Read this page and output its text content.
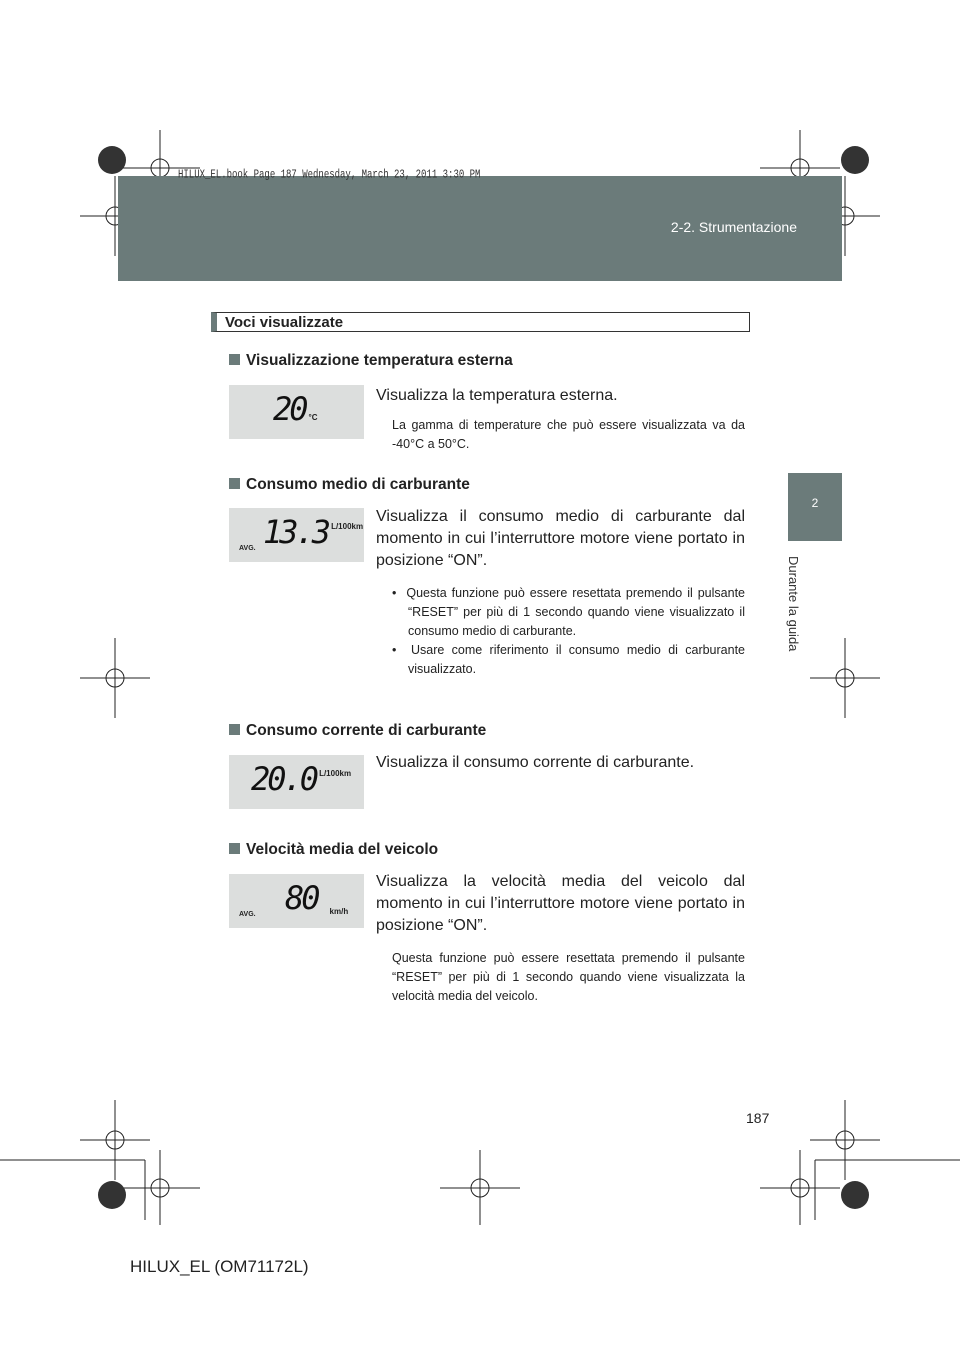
HILUX_EL.book Page 187 Wednesday, March 23, 2011 3:30 PM
2-2. Strumentazione
2
Durante la guida
Voci visualizzate
Visualizzazione temperatura esterna
20 °C
Visualizza la temperatura esterna.
La gamma di temperature che può essere visualizzata va da -40°C a 50°C.
Consumo medio di carburante
AVG. 13.3 L/100km
Visualizza il consumo medio di carburante dal momento in cui l’interruttore motore viene portato in posizione “ON”.

•  Questa funzione può essere resettata premendo il pulsante “RESET” per più di 1 secondo quando viene visualizzato il consumo medio di carburante.

•  Usare come riferimento il consumo medio di carburante visualizzato.

Consumo corrente di carburante
20.0 L/100km
Visualizza il consumo corrente di carburante.
Velocità media del veicolo
AVG. 80 km/h
Visualizza la velocità media del veicolo dal momento in cui l’interruttore motore viene portato in posizione “ON”.
Questa funzione può essere resettata premendo il pulsante “RESET” per più di 1 secondo quando viene visualizzata la velocità media del veicolo.
187
HILUX_EL (OM71172L)
